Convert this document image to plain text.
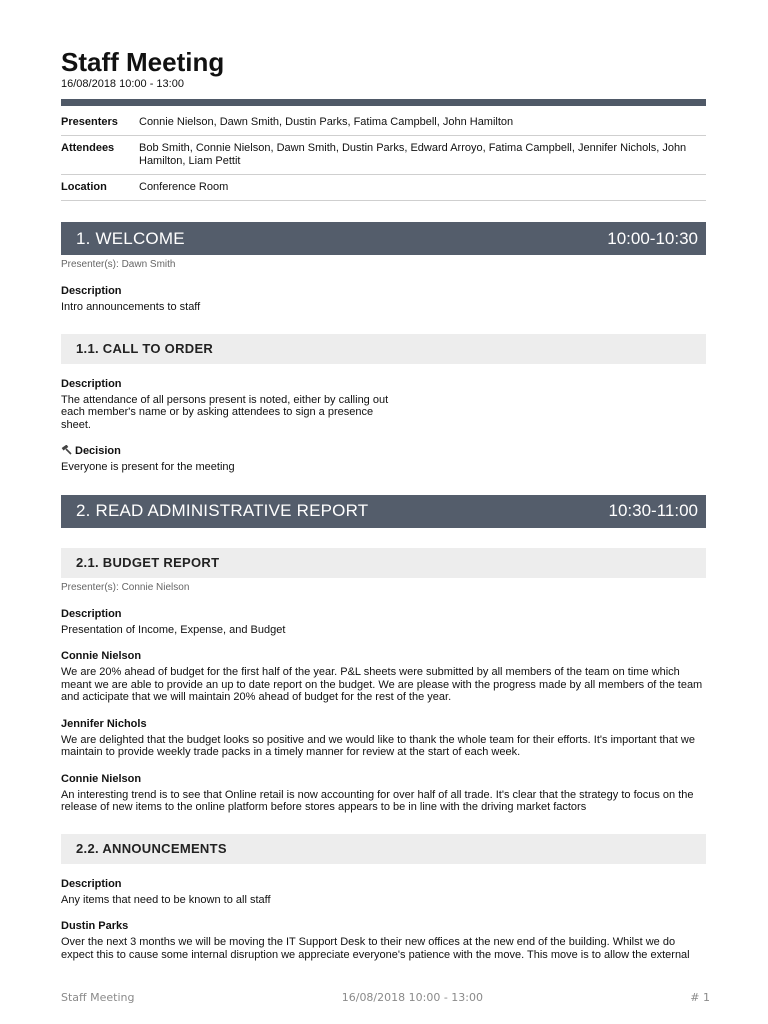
Staff Meeting
16/08/2018 10:00 - 13:00
Presenters	Connie Nielson, Dawn Smith, Dustin Parks, Fatima Campbell, John Hamilton
Attendees	Bob Smith, Connie Nielson, Dawn Smith, Dustin Parks, Edward Arroyo, Fatima Campbell, Jennifer Nichols, John Hamilton, Liam Pettit
Location	Conference Room
1. WELCOME	10:00-10:30
Presenter(s): Dawn Smith
Description
Intro announcements to staff
1.1. CALL TO ORDER
Description
The attendance of all persons present is noted, either by calling out each member's name or by asking attendees to sign a presence sheet.
Decision
Everyone is present for the meeting
2. READ ADMINISTRATIVE REPORT	10:30-11:00
2.1. BUDGET REPORT
Presenter(s): Connie Nielson
Description
Presentation of Income, Expense, and Budget
Connie Nielson
We are 20% ahead of budget for the first half of the year. P&L sheets were submitted by all members of the team on time which meant we are able to provide an up to date report on the budget. We are please with the progress made by all members of the team and acticipate that we will maintain 20% ahead of budget for the rest of the year.
Jennifer Nichols
We are delighted that the budget looks so positive and we would like to thank the whole team for their efforts. It's important that we maintain to provide weekly trade packs in a timely manner for review at the start of each week.
Connie Nielson
An interesting trend is to see that Online retail is now accounting for over half of all trade. It's clear that the strategy to focus on the release of new items to the online platform before stores appears to be in line with the driving market factors
2.2. ANNOUNCEMENTS
Description
Any items that need to be known to all staff
Dustin Parks
Over the next 3 months we will be moving the IT Support Desk to their new offices at the new end of the building. Whilst we do expect this to cause some internal disruption we appreciate everyone's patience with the move. This move is to allow the external
Staff Meeting	16/08/2018 10:00 - 13:00	# 1
